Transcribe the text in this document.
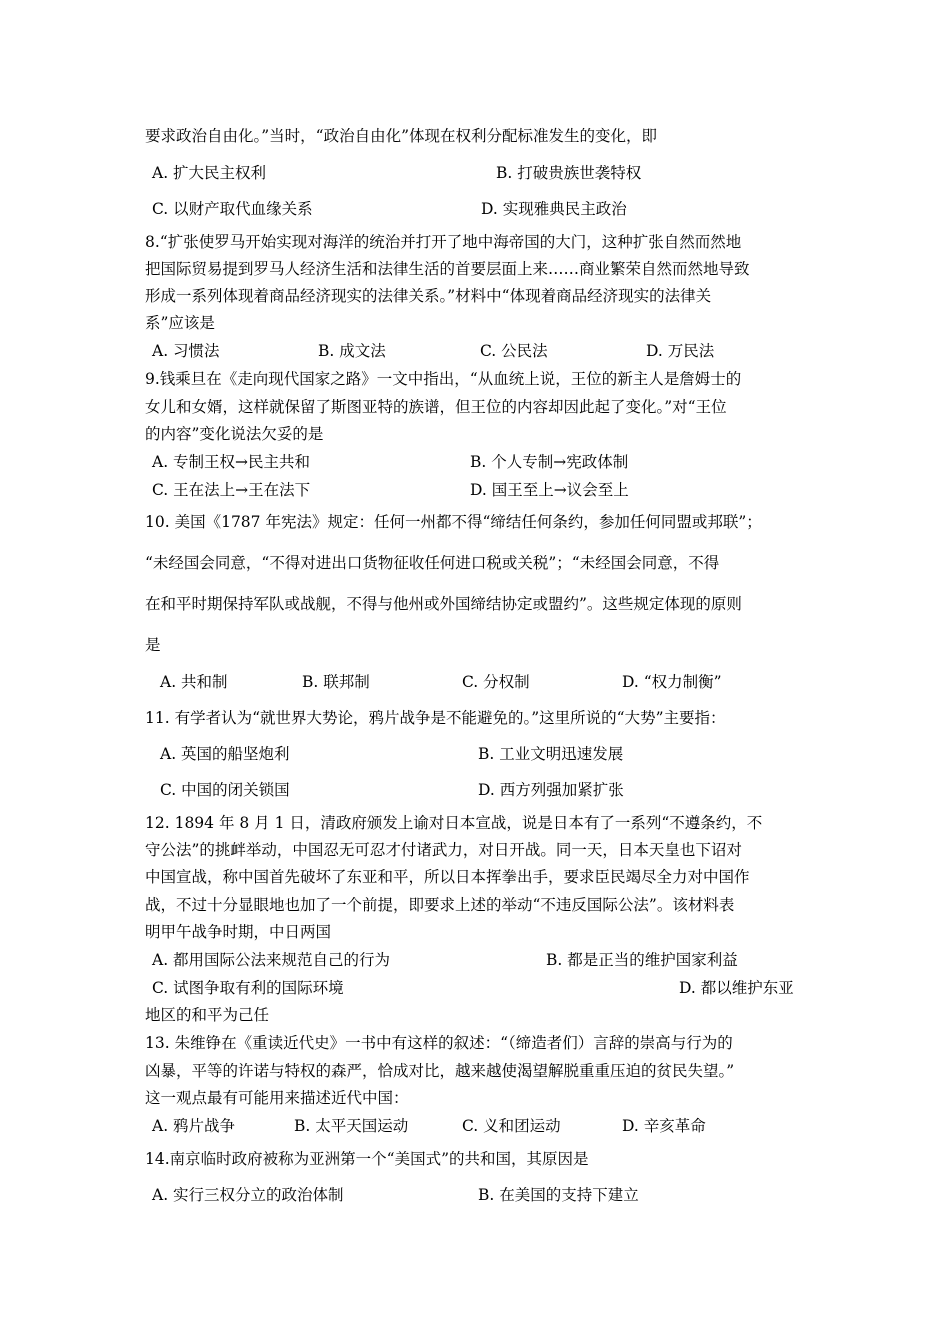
要求政治自由化。”当时，“政治自由化”体现在权利分配标准发生的变化，即
A. 扩大民主权利	B. 打破贵族世袭特权
C. 以财产取代血缘关系	D. 实现雅典民主政治
8.“扩张使罗马开始实现对海洋的统治并打开了地中海帝国的大门，这种扩张自然而然地
把国际贸易提到罗马人经济生活和法律生活的首要层面上来……商业繁荣自然而然地导致
形成一系列体现着商品经济现实的法律关系。”材料中“体现着商品经济现实的法律关
系”应该是
A. 习惯法	B. 成文法	C. 公民法	D. 万民法
9.钱乘旦在《走向现代国家之路》一文中指出，“从血统上说，王位的新主人是詹姆士的
女儿和女婿，这样就保留了斯图亚特的族谱，但王位的内容却因此起了变化。”对“王位
的内容”变化说法欠妥的是
A. 专制王权→民主共和	B. 个人专制→宪政体制
C. 王在法上→王在法下	D. 国王至上→议会至上
10. 美国《1787 年宪法》规定：任何一州都不得“缔结任何条约，参加任何同盟或邦联”；
“未经国会同意，“不得对进出口货物征收任何进口税或关税”；“未经国会同意，不得
在和平时期保持军队或战舰，不得与他州或外国缔结协定或盟约”。这些规定体现的原则
是
A. 共和制	B. 联邦制	C. 分权制	D. “权力制衡”
11. 有学者认为“就世界大势论，鸦片战争是不能避免的。”这里所说的“大势”主要指：
A. 英国的船坚炮利	B. 工业文明迅速发展
C. 中国的闭关锁国	D. 西方列强加紧扩张
12. 1894 年 8 月 1 日，清政府颁发上谕对日本宣战，说是日本有了一系列“不遵条约，不
守公法”的挑衅举动，中国忍无可忍才付诸武力，对日开战。同一天，日本天皇也下诏对
中国宣战，称中国首先破坏了东亚和平，所以日本挥拳出手，要求臣民竭尽全力对中国作
战，不过十分显眼地也加了一个前提，即要求上述的举动“不违反国际公法”。该材料表
明甲午战争时期，中日两国
A. 都用国际公法来规范自己的行为	B. 都是正当的维护国家利益
C. 试图争取有利的国际环境	D. 都以维护东亚
地区的和平为己任
13. 朱维铮在《重读近代史》一书中有这样的叙述：“（缔造者们）言辞的崇高与行为的
凶暴，平等的许诺与特权的森严，恰成对比，越来越使渴望解脱重重压迫的贫民失望。”
这一观点最有可能用来描述近代中国：
A. 鸦片战争	B. 太平天国运动	C. 义和团运动	D. 辛亥革命
14.南京临时政府被称为亚洲第一个“美国式”的共和国，其原因是
A. 实行三权分立的政治体制	B. 在美国的支持下建立
